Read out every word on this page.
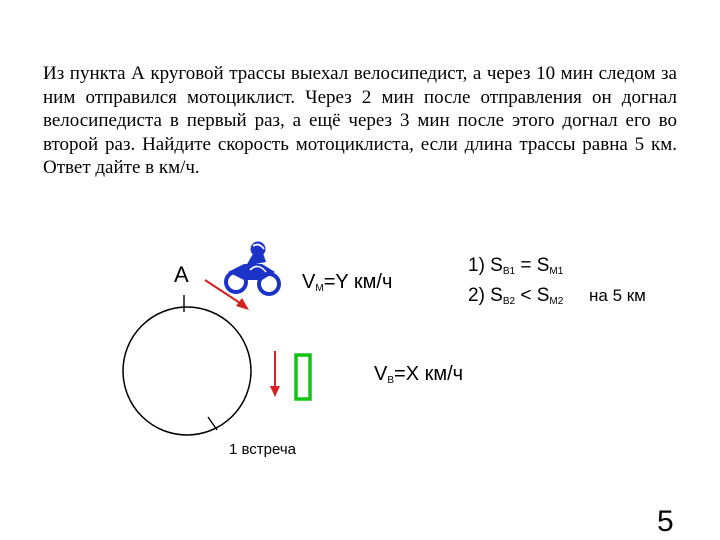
Из пункта А круговой трассы выехал велосипедист, а через 10 мин следом за ним отправился мотоциклист. Через 2 мин после отправления он догнал велосипедиста в первый раз, а ещё через 3 мин после этого догнал его во второй раз. Найдите скорость мотоциклиста, если длина трассы равна 5 км. Ответ дайте в км/ч.

A	$V_М=Y$ км/ч
$V_В=X$ км/ч
1 встреча
1) $S_{В1} = S_{М1}$
2) $S_{В2} < S_{М2}$ на 5 км
5
